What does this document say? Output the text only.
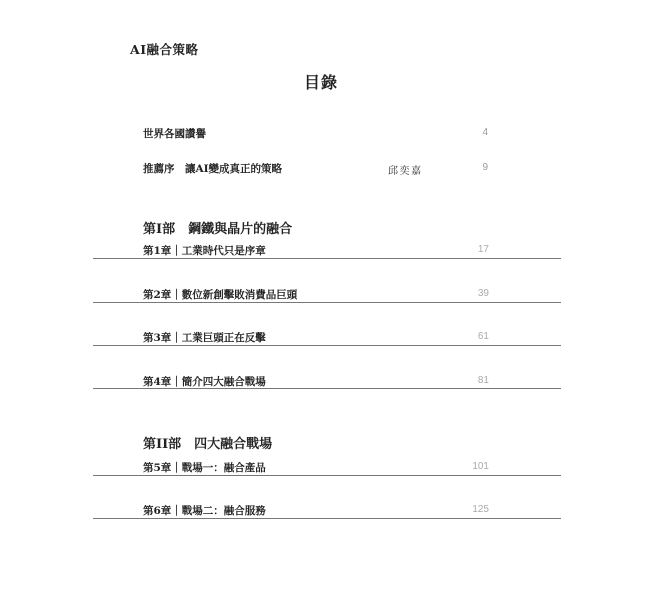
AI融合策略
目錄
世界各國讚譽	4
推薦序　讓AI變成真正的策略	邱奕嘉	9
第I部　鋼鐵與晶片的融合
第1章｜工業時代只是序章	17
第2章｜數位新創擊敗消費品巨頭	39
第3章｜工業巨頭正在反擊	61
第4章｜簡介四大融合戰場	81
第II部　四大融合戰場
第5章｜戰場一：融合產品	101
第6章｜戰場二：融合服務	125
